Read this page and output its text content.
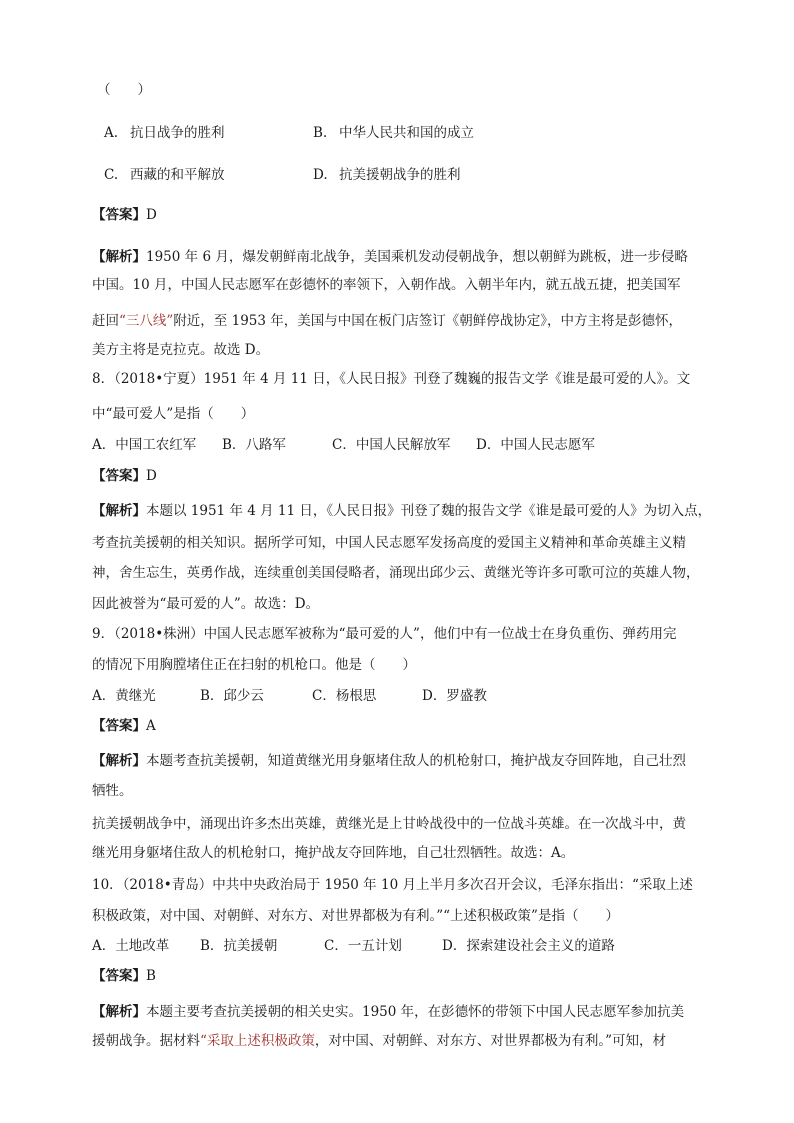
（　　）
A. 抗日战争的胜利	B. 中华人民共和国的成立
C. 西藏的和平解放	D. 抗美援朝战争的胜利
【答案】D
【解析】1950 年 6 月，爆发朝鲜南北战争，美国乘机发动侵朝战争，想以朝鲜为跳板，进一步侵略
中国。10 月，中国人民志愿军在彭德怀的率领下，入朝作战。入朝半年内，就五战五捷，把美国军
赶回“三八线”附近，至 1953 年，美国与中国在板门店签订《朝鲜停战协定》，中方主将是彭德怀，
美方主将是克拉克。故选 D。
8．（2018•宁夏）1951 年 4 月 11 日，《人民日报》刊登了魏巍的报告文学《谁是最可爱的人》。文
中“最可爱人”是指（　　）
A．中国工农红军 B．八路军	C．中国人民解放军 D．中国人民志愿军
【答案】D
【解析】本题以 1951 年 4 月 11 日，《人民日报》刊登了魏的报告文学《谁是最可爱的人》为切入点，
考查抗美援朝的相关知识。据所学可知，中国人民志愿军发扬高度的爱国主义精神和革命英雄主义精
神，舍生忘生，英勇作战，连续重创美国侵略者，涌现出邱少云、黄继光等许多可歌可泣的英雄人物，
因此被誉为“最可爱的人”。故选：D。
9．（2018•株洲）中国人民志愿军被称为“最可爱的人”，他们中有一位战士在身负重伤、弹药用完
的情况下用胸膛堵住正在扫射的机枪口。他是（　　）
A．黄继光	B．邱少云	C．杨根思	D．罗盛教
【答案】A
【解析】本题考查抗美援朝，知道黄继光用身躯堵住敌人的机枪射口，掩护战友夺回阵地，自己壮烈
牺牲。
抗美援朝战争中，涌现出许多杰出英雄，黄继光是上甘岭战役中的一位战斗英雄。在一次战斗中，黄
继光用身躯堵住敌人的机枪射口，掩护战友夺回阵地，自己壮烈牺牲。故选：A。
10．（2018•青岛）中共中央政治局于 1950 年 10 月上半月多次召开会议，毛泽东指出：“采取上述
积极政策，对中国、对朝鲜、对东方、对世界都极为有利。”“上述积极政策”是指（　　）
A．土地改革 B．抗美援朝	C．一五计划	D．探索建设社会主义的道路
【答案】B
【解析】本题主要考查抗美援朝的相关史实。1950 年，在彭德怀的带领下中国人民志愿军参加抗美
援朝战争。据材料“采取上述积极政策，对中国、对朝鲜、对东方、对世界都极为有利。”可知，材
